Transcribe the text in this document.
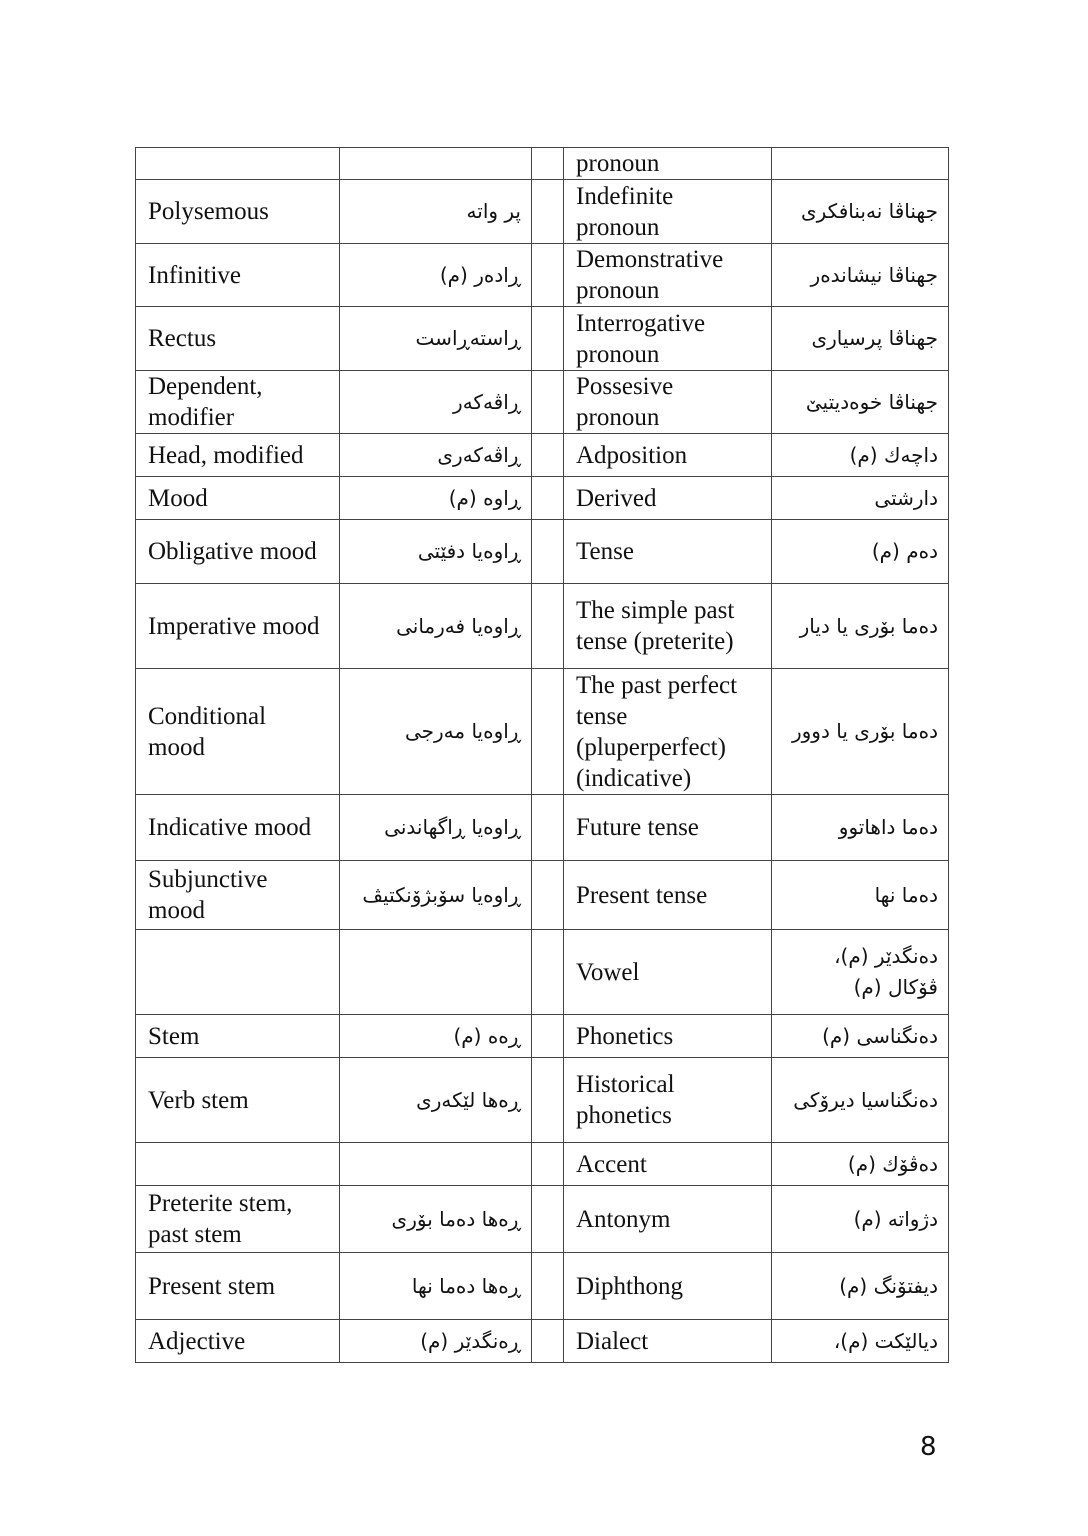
			pronoun	
Polysemous	پر واتە		Indefinite pronoun	جهناڤا نەبنافکری
Infinitive	ڕادەر (م)		Demonstrative pronoun	جهناڤا نیشاندەر
Rectus	ڕاستەڕاست		Interrogative pronoun	جهناڤا پرسیاری
Dependent, modifier	ڕاڤەکەر		Possesive pronoun	جهناڤا خوەدیتیێ
Head, modified	ڕاڤەکەری		Adposition	داچەك (م)
Mood	ڕاوە (م)		Derived	دارشتی
Obligative mood	ڕاوەیا دفێتی		Tense	دەم (م)
Imperative mood	ڕاوەیا فەرمانی		The simple past tense (preterite)	دەما بۆری یا دیار
Conditional mood	ڕاوەیا مەرجی		The past perfect tense (pluperperfect) (indicative)	دەما بۆری یا دوور
Indicative mood	ڕاوەیا ڕاگهاندنی		Future tense	دەما داهاتوو
Subjunctive mood	ڕاوەیا سۆبژۆنکتیڤ		Present tense	دەما نها
			Vowel	دەنگدێر (م)، ڤۆکال (م)
Stem	ڕەه (م)		Phonetics	دەنگناسی (م)
Verb stem	ڕەها لێکەری		Historical phonetics	دەنگناسیا دیرۆکی
			Accent	دەڤۆك (م)
Preterite stem, past stem	ڕەها دەما بۆری		Antonym	دژواتە (م)
Present stem	ڕەها دەما نها		Diphthong	دیفتۆنگ (م)
Adjective	ڕەنگدێر (م)		Dialect	دیالێکت (م)،
8
